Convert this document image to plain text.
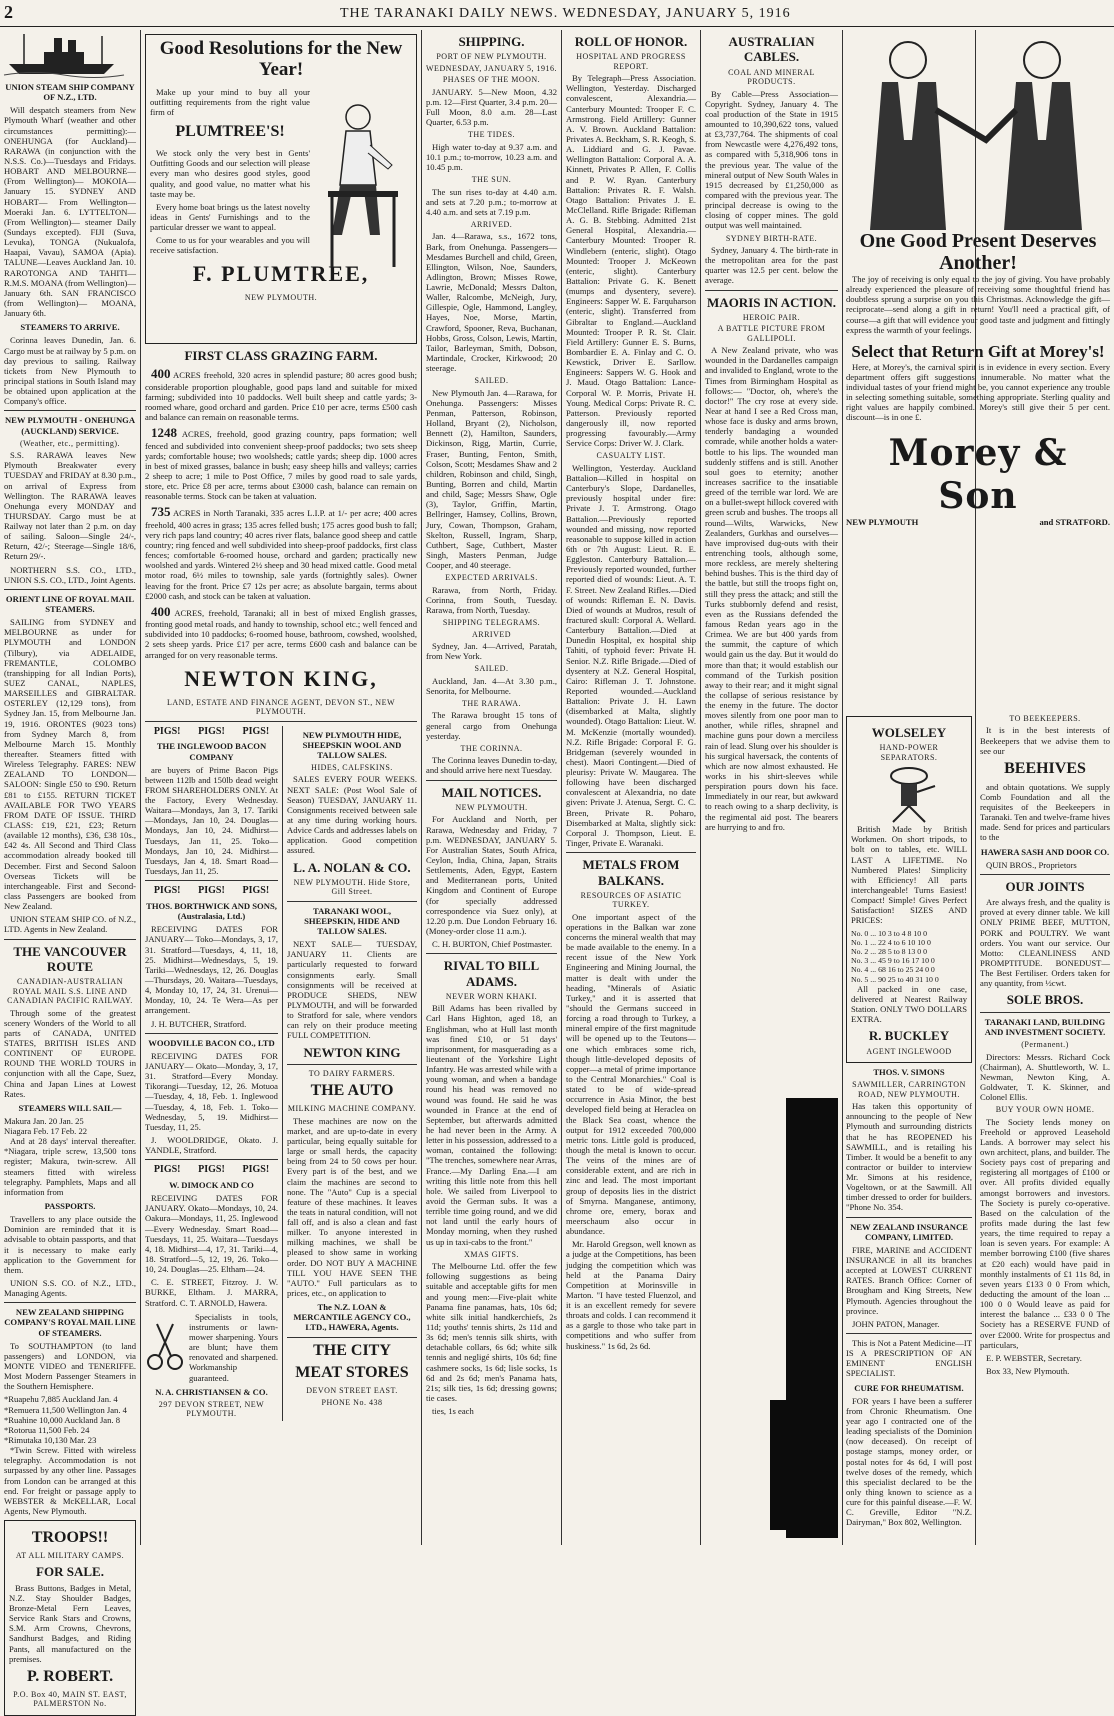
2	THE TARANAKI DAILY NEWS. WEDNESDAY, JANUARY 5, 1916
UNION STEAM SHIP COMPANY OF N.Z., LTD.

Will despatch steamers from New Plymouth Wharf (weather and other circumstances permitting):— ONEHUNGA (for Auckland)— RARAWA (in conjunction with the N.S.S. Co.)—Tuesdays and Fridays. HOBART AND MELBOURNE— (From Wellington)— MOKOIA—January 15. SYDNEY AND HOBART— From Wellington—Moeraki Jan. 6. LYTTELTON— (From Wellington)— steamer Daily (Sundays excepted). FIJI (Suva, Levuka), TONGA (Nukualofa, Haapai, Vavau), SAMOA (Apia). TALUNE—Leaves Auckland Jan. 10. RAROTONGA AND TAHITI— R.M.S. MOANA (from Wellington)— January 6th. SAN FRANCISCO (from Wellington)— MOANA, January 6th.

STEAMERS TO ARRIVE.

Corinna leaves Dunedin, Jan. 6. Cargo must be at railway by 5 p.m. on day previous to sailing. Railway tickets from New Plymouth to principal stations in South Island may be obtained upon application at the Company's office.

NEW PLYMOUTH - ONEHUNGA (AUCKLAND) SERVICE.
(Weather, etc., permitting).

S.S. RARAWA leaves New Plymouth Breakwater every TUESDAY and FRIDAY at 8.30 p.m., on arrival of Express from Wellington. The RARAWA leaves Onehunga every MONDAY and THURSDAY. Cargo must be at Railway not later than 2 p.m. on day of sailing. Saloon—Single 24/-, Return, 42/-; Steerage—Single 18/6, Return 29/-.

NORTHERN S.S. CO., LTD., UNION S.S. CO., LTD., Joint Agents.

ORIENT LINE OF ROYAL MAIL STEAMERS.

SAILING from SYDNEY and MELBOURNE as under for PLYMOUTH and LONDON (Tilbury), via ADELAIDE, FREMANTLE, COLOMBO (transhipping for all Indian Ports), SUEZ CANAL, NAPLES, MARSEILLES and GIBRALTAR. OSTERLEY (12,129 tons), from Sydney Jan. 15, from Melbourne Jan. 19, 1916. ORONTES (9023 tons) from Sydney March 8, from Melbourne March 15. Monthly thereafter. Steamers fitted with Wireless Telegraphy. FARES: NEW ZEALAND TO LONDON—SALOON: Single £50 to £90. Return £81 to £155. RETURN TICKET AVAILABLE FOR TWO YEARS FROM DATE OF ISSUE. THIRD CLASS: £19, £21, £23; Return (available 12 months), £36, £38 10s., £42 4s. All Second and Third Class accommodation already booked till December. First and Second Saloon Overseas Tickets will be interchangeable. First and Second-class Passengers are booked from New Zealand.

UNION STEAM SHIP CO. of N.Z., LTD. Agents in New Zealand.

THE VANCOUVER ROUTE
CANADIAN-AUSTRALIAN ROYAL MAIL S.S. LINE AND CANADIAN PACIFIC RAILWAY.

Through some of the greatest scenery Wonders of the World to all parts of CANADA, UNITED STATES, BRITISH ISLES AND CONTINENT OF EUROPE. ROUND THE WORLD TOURS in conjunction with all the Cape, Suez, China and Japan Lines at Lowest Rates.

STEAMERS WILL SAIL—
Makura Jan. 20 Jan. 25
Niagara Feb. 17 Feb. 22

And at 28 days' interval thereafter. *Niagara, triple screw, 13,500 tons register; Makura, twin-screw. All steamers fitted with wireless telegraphy. Pamphlets, Maps and all information from

PASSPORTS.

Travellers to any place outside the Dominion are reminded that it is advisable to obtain passports, and that it is necessary to make early application to the Government for them.

UNION S.S. CO. of N.Z., LTD., Managing Agents.

NEW ZEALAND SHIPPING COMPANY'S ROYAL MAIL LINE OF STEAMERS.

To SOUTHAMPTON (to land passengers) and LONDON, via MONTE VIDEO and TENERIFFE. Most Modern Passenger Steamers in the Southern Hemisphere.

*Ruapehu 7,885 Auckland Jan. 4
*Remuera 11,500 Wellington Jan. 4
*Ruahine 10,000 Auckland Jan. 8
*Rotorua 11,500 Feb. 24
*Rimutaka 10,130 Mar. 23

*Twin Screw. Fitted with wireless telegraphy. Accommodation is not surpassed by any other line. Passages from London can be arranged at this end. For freight or passage apply to WEBSTER & McKELLAR, Local Agents, New Plymouth.

TROOPS!!
AT ALL MILITARY CAMPS.
FOR SALE.

Brass Buttons, Badges in Metal, N.Z. Stay Shoulder Badges, Bronze-Metal Fern Leaves, Service Rank Stars and Crowns, S.M. Arm Crowns, Chevrons, Sandhurst Badges, and Riding Pants, all manufactured on the premises.

P. ROBERT.
P.O. Box 40, MAIN ST. EAST, PALMERSTON No.
Good Resolutions for the New Year!

Make up your mind to buy all your outfitting requirements from the right value firm of

PLUMTREE'S!

We stock only the very best in Gents' Outfitting Goods and our selection will please every man who desires good styles, good quality, and good value, no matter what his taste may be.

Every home boat brings us the latest novelty ideas in Gents' Furnishings and to the particular dresser we want to appeal.

Come to us for your wearables and you will receive satisfaction.

F. PLUMTREE,
NEW PLYMOUTH.
FIRST CLASS GRAZING FARM.

400 ACRES freehold, 320 acres in splendid pasture; 80 acres good bush; considerable proportion ploughable, good paps land and suitable for mixed farming; subdivided into 10 paddocks. Well built sheep and cattle yards; 3-roomed whare, good orchard and garden. Price £10 per acre, terms £500 cash and balance can remain on reasonable terms.

1248 ACRES, freehold, good grazing country, paps formation; well fenced and subdivided into convenient sheep-proof paddocks; two sets sheep yards; comfortable house; two woolsheds; cattle yards; sheep dip. 1000 acres in best of mixed grasses, balance in bush; easy sheep hills and valleys; carries 2 sheep to acre; 1 mile to Post Office, 7 miles by good road to sale yards, store, etc. Price £8 per acre, terms about £3000 cash, balance can remain on reasonable terms. Stock can be taken at valuation.

735 ACRES in North Taranaki, 335 acres L.I.P. at 1/- per acre; 400 acres freehold, 400 acres in grass; 135 acres felled bush; 175 acres good bush to fall; very rich paps land country; 40 acres river flats, balance good sheep and cattle country; ring fenced and well subdivided into sheep-proof paddocks, first class fences; comfortable 6-roomed house, orchard and garden; practically new woolshed and yards. Wintered 2½ sheep and 30 head mixed cattle. Good metal motor road, 6½ miles to township, sale yards (fortnightly sales). Owner leaving for the front. Price £7 12s per acre; as absolute bargain, terms about £2000 cash, and stock can be taken at valuation.

400 ACRES, freehold, Taranaki; all in best of mixed English grasses, fronting good metal roads, and handy to township, school etc.; well fenced and subdivided into 10 paddocks; 6-roomed house, bathroom, cowshed, woolshed, 2 sets sheep yards. Price £17 per acre, terms £600 cash and balance can be arranged for on very reasonable terms.

NEWTON KING,
LAND, ESTATE AND FINANCE AGENT, DEVON ST., NEW PLYMOUTH.
PIGS! PIGS! PIGS!
THE INGLEWOOD BACON COMPANY

are buyers of Prime Bacon Pigs between 112lb and 150lb dead weight FROM SHAREHOLDERS ONLY. At the Factory, Every Wednesday. Waitara—Mondays, Jan 3, 17. Tariki—Mondays, Jan 10, 24. Douglas—Mondays, Jan 10, 24. Midhirst—Tuesdays, Jan 11, 25. Toko—Mondays, Jan 10, 24. Midhirst—Tuesdays, Jan 4, 18. Smart Road—Tuesdays, Jan 11, 25.

PIGS! PIGS! PIGS!
THOS. BORTHWICK AND SONS, (Australasia, Ltd.)

RECEIVING DATES FOR JANUARY— Toko—Mondays, 3, 17, 31. Stratford—Tuesdays, 4, 11, 18, 25. Midhirst—Wednesdays, 5, 19. Tariki—Wednesdays, 12, 26. Douglas—Thursdays, 20. Waitara—Tuesdays, 4, Monday 10, 17, 24, 31. Urenui—Monday, 10, 24. Te Wera—As per arrangement.

J. H. BUTCHER, Stratford.

WOODVILLE BACON CO., LTD

RECEIVING DATES FOR JANUARY— Okato—Monday, 3, 17, 31. Stratford—Every Monday. Tikorangi—Tuesday, 12, 26. Motuoa—Tuesday, 4, 18, Feb. 1. Inglewood—Tuesday, 4, 18, Feb. 1. Toko—Wednesday, 5, 19. Midhirst—Tuesday, 11, 25.

J. WOOLDRIDGE, Okato. J. YANDLE, Stratford.

PIGS! PIGS! PIGS!
W. DIMOCK AND CO

RECEIVING DATES FOR JANUARY. Okato—Mondays, 10, 24. Oakura—Mondays, 11, 25. Inglewood—Every Wednesday. Smart Road—Tuesdays, 11, 25. Waitara—Tuesdays 4, 18. Midhirst—4, 17, 31. Tariki—4, 18. Stratford—5, 12, 19, 26. Toko—10, 24. Douglas—25. Eltham—24.

C. E. STREET, Fitzroy. J. W. BURKE, Eltham. J. MARRA, Stratford. C. T. ARNOLD, Hawera.

Specialists in tools, instruments or lawn-mower sharpening. Yours are blunt; have them renovated and sharpened. Workmanship guaranteed.

N. A. CHRISTIANSEN & CO.
297 DEVON STREET, NEW PLYMOUTH.
NEW PLYMOUTH HIDE, SHEEPSKIN WOOL AND TALLOW SALES.
HIDES, CALFSKINS.

SALES EVERY FOUR WEEKS. NEXT SALE: (Post Wool Sale of Season) TUESDAY, JANUARY 11. Consignments received between sale at any time during working hours. Advice Cards and addresses labels on application. Good competition assured.

L. A. NOLAN & CO.
NEW PLYMOUTH. Hide Store, Gill Street.
TARANAKI WOOL, SHEEPSKIN, HIDE AND TALLOW SALES.

NEXT SALE— TUESDAY, JANUARY 11. Clients are particularly requested to forward consignments early. Small consignments will be received at PRODUCE SHEDS, NEW PLYMOUTH, and will be forwarded to Stratford for sale, where vendors can rely on their produce meeting FULL COMPETITION.

NEWTON KING
TO DAIRY FARMERS.
THE AUTO
MILKING MACHINE COMPANY.

These machines are now on the market, and are up-to-date in every particular, being equally suitable for large or small herds, the capacity being from 24 to 50 cows per hour. Every part is of the best, and we claim the machines are second to none. The "Auto" Cup is a special feature of these machines. It leaves the teats in natural condition, will not fall off, and is also a clean and fast milker. To anyone interested in milking machines, we shall be pleased to show same in working order. DO NOT BUY A MACHINE TILL YOU HAVE SEEN THE "AUTO." Full particulars as to prices, etc., on application to

The N.Z. LOAN & MERCANTILE AGENCY CO., LTD., HAWERA, Agents.
THE CITY
MEAT STORES
DEVON STREET EAST.
PHONE No. 438
SHIPPING.
PORT OF NEW PLYMOUTH.
WEDNESDAY, JANUARY 5, 1916.
PHASES OF THE MOON.

JANUARY. 5—New Moon, 4.32 p.m. 12—First Quarter, 3.4 p.m. 20—Full Moon, 8.0 a.m. 28—Last Quarter, 6.53 p.m.

THE TIDES.

High water to-day at 9.37 a.m. and 10.1 p.m.; to-morrow, 10.23 a.m. and 10.45 p.m.

THE SUN.

The sun rises to-day at 4.40 a.m. and sets at 7.20 p.m.; to-morrow at 4.40 a.m. and sets at 7.19 p.m.

ARRIVED.

Jan. 4—Rarawa, s.s., 1672 tons, Bark, from Onehunga. Passengers—Mesdames Burchell and child, Green, Ellington, Wilson, Noe, Saunders, Adlington, Brown; Misses Rowe, Lawrie, McDonald; Messrs Dalton, Waller, Ralcombe, McNeigh, Jury, Gillespie, Ogle, Hammond, Langley, Hayes, Noe, Morse, Martin, Crawford, Spooner, Reva, Buchanan, Hobbs, Gross, Colson, Lewis, Martin, Tailor, Barleyman, Smith, Dobson, Martindale, Crocker, Kirkwood; 20 steerage.

SAILED.

New Plymouth Jan. 4—Rarawa, for Onehunga. Passengers: Misses Penman, Patterson, Robinson, Holland, Bryant (2), Nicholson, Bennett (2), Hamilton, Saunders, Dickinson, Rigg, Martin, Currie, Fraser, Bunting, Fenton, Smith, Colson, Scott; Mesdames Shaw and 2 children, Robinson and child, Singh, Bunting, Borren and child, Martin and child, Sage; Messrs Shaw, Ogle (3), Taylor, Griffin, Martin, Bellringer, Hamsey, Collins, Brown, Jury, Cowan, Thompson, Graham, Skelton, Russell, Ingram, Sharp, Cuthbert, Sage, Cuthbert, Master Singh, Masters Penman, Judge Cooper, and 40 steerage.

EXPECTED ARRIVALS.

Rarawa, from North, Friday. Corinna, from South, Tuesday. Rarawa, from North, Tuesday.

SHIPPING TELEGRAMS.
ARRIVED

Sydney, Jan. 4—Arrived, Paratah, from New York.

SAILED.

Auckland, Jan. 4—At 3.30 p.m., Senorita, for Melbourne.

THE RARAWA.

The Rarawa brought 15 tons of general cargo from Onehunga yesterday.

THE CORINNA.

The Corinna leaves Dunedin to-day, and should arrive here next Tuesday.

MAIL NOTICES.
NEW PLYMOUTH.

For Auckland and North, per Rarawa, Wednesday and Friday, 7 p.m. WEDNESDAY, JANUARY 5. For Australian States, South Africa, Ceylon, India, China, Japan, Straits Settlements, Aden, Egypt, Eastern and Mediterranean ports, United Kingdom and Continent of Europe (for specially addressed correspondence via Suez only), at 12.20 p.m. Due London February 16. (Money-order close 11 a.m.).

C. H. BURTON, Chief Postmaster.

RIVAL TO BILL ADAMS.
NEVER WORN KHAKI.

Bill Adams has been rivalled by Carl Hans Highton, aged 18, an Englishman, who at Hull last month was fined £10, or 51 days' imprisonment, for masquerading as a lieutenant of the Yorkshire Light Infantry. He was arrested while with a young woman, and when a bandage round his head was removed no wound was found. He said he was wounded in France at the end of September, but afterwards admitted he had never been in the Army. A letter in his possession, addressed to a woman, contained the following: "The trenches, somewhere near Arras, France.—My Darling Ena.—I am writing this little note from this hell hole. We sailed from Liverpool to avoid the German subs. It was a terrible time going round, and we did not land until the early hours of Monday morning, when they rushed us up in taxi-cabs to the front."

XMAS GIFTS.

The Melbourne Ltd. offer the few following suggestions as being suitable and acceptable gifts for men and young men:—Five-plait white Panama fine panamas, hats, 10s 6d; white silk initial handkerchiefs, 2s 11d; youths' tennis shirts, 2s 11d and 3s 6d; men's tennis silk shirts, with detachable collars, 6s 6d; white silk tennis and negligé shirts, 10s 6d; fine cashmere socks, 1s 6d; lisle socks, 1s 6d and 2s 6d; men's Panama hats, 21s; silk ties, 1s 6d; dressing gowns; tie cases.

ties, 1s each

ROLL OF HONOR.
HOSPITAL AND PROGRESS REPORT.

By Telegraph—Press Association. Wellington, Yesterday. Discharged convalescent, Alexandria.—Canterbury Mounted: Trooper F. C. Armstrong. Field Artillery: Gunner A. V. Brown. Auckland Battalion: Privates A. Beckham, S. R. Keogh, S. A. Liddiard and G. J. Pavae. Wellington Battalion: Corporal A. A. Kinnett, Privates P. Allen, F. Collis and P. W. Ryan. Canterbury Battalion: Privates R. F. Walsh. Otago Battalion: Privates J. E. McClelland. Rifle Brigade: Rifleman A. G. B. Stebbing. Admitted 21st General Hospital, Alexandria.—Canterbury Mounted: Trooper R. Windlebern (enteric, slight). Otago Mounted: Trooper J. McKeown (enteric, slight). Canterbury Battalion: Private G. K. Benett (mumps and dysentery, severe). Engineers: Sapper W. E. Farquharson (enteric, slight). Transferred from Gibraltar to England.—Auckland Mounted: Trooper P. R. St. Clair. Field Artillery: Gunner E. S. Burns, Bombardier E. A. Finlay and C. O. Kewstick, Driver E. Sarllow. Engineers: Sappers W. G. Hook and J. Maud. Otago Battalion: Lance-Corporal W. P. Morris, Private H. Young. Medical Corps: Private R. C. Patterson. Previously reported dangerously ill, now reported progressing favourably.—Army Service Corps: Driver W. J. Clark.

CASUALTY LIST.

Wellington, Yesterday. Auckland Battalion—Killed in hospital on Canterbury's Slope, Dardanelles, previously hospital under fire: Private J. T. Armstrong. Otago Battalion.—Previously reported wounded and missing, now reported reasonable to suppose killed in action 6th or 7th August: Lieut. R. E. Eggleston. Canterbury Battalion.—Previously reported wounded, further reported died of wounds: Lieut. A. T. F. Street. New Zealand Rifles.—Died of wounds: Rifleman E. N. Davis. Died of wounds at Mudros, result of fractured skull: Corporal A. Wellard. Canterbury Battalion.—Died at Dunedin Hospital, ex hospital ship Tahiti, of typhoid fever: Private H. Senior. N.Z. Rifle Brigade.—Died of dysentery at N.Z. General Hospital, Cairo: Rifleman J. T. Johnstone. Reported wounded.—Auckland Battalion: Private J. H. Lawn (disembarked at Malta, slightly wounded). Otago Battalion: Lieut. W. M. McKenzie (mortally wounded). N.Z. Rifle Brigade: Corporal F. G. Bridgeman (severely wounded in chest). Maori Contingent.—Died of pleurisy: Private W. Maugarea. The following have been discharged convalescent at Alexandria, no date given: Private J. Atenua, Sergt. C. C. Breen, Private R. Poharo, Disembarked at Malta, slightly sick: Corporal J. Thompson, Lieut. E. Tinger, Private E. Waranaki.

METALS FROM BALKANS.
RESOURCES OF ASIATIC TURKEY.

One important aspect of the operations in the Balkan war zone concerns the mineral wealth that may be made available to the enemy. In a recent issue of the New York Engineering and Mining Journal, the matter is dealt with under the heading, "Minerals of Asiatic Turkey," and it is asserted that "should the Germans succeed in forcing a road through to Turkey, a mineral empire of the first magnitude will be opened up to the Teutons—one which embraces some rich, though little-developed deposits of copper—a metal of prime importance to the Central Monarchies." Coal is stated to be of wide-spread occurrence in Asia Minor, the best developed field being at Heraclea on the Black Sea coast, whence the output for 1912 exceeded 700,000 metric tons. Little gold is produced, though the metal is known to occur. The veins of the mines are of considerable extent, and are rich in zinc and lead. The most important group of deposits lies in the district of Smyrna. Manganese, antimony, chrome ore, emery, borax and meerschaum also occur in abundance.

Mr. Harold Gregson, well known as a judge at the Competitions, has been judging the competition which was held at the Panama Dairy Competition at Morinsville in Marton. "I have tested Fluenzol, and it is an excellent remedy for severe throats and colds. I can recommend it as a gargle to those who take part in competitions and who suffer from huskiness." 1s 6d, 2s 6d.

AUSTRALIAN CABLES.
COAL AND MINERAL PRODUCTS.

By Cable—Press Association—Copyright. Sydney, January 4. The coal production of the State in 1915 amounted to 10,390,622 tons, valued at £3,737,764. The shipments of coal from Newcastle were 4,276,492 tons, as compared with 5,318,906 tons in the previous year. The value of the mineral output of New South Wales in 1915 decreased by £1,250,000 as compared with the previous year. The principal decrease is owing to the closing of copper mines. The gold output was well maintained.

SYDNEY BIRTH-RATE.

Sydney, January 4. The birth-rate in the metropolitan area for the past quarter was 12.5 per cent. below the average.

MAORIS IN ACTION.
HEROIC PAIR.
A BATTLE PICTURE FROM GALLIPOLI.

A New Zealand private, who was wounded in the Dardanelles campaign and invalided to England, wrote to the Times from Birmingham Hospital as follows:— "Doctor, oh, where's the doctor!" The cry rose at every side. Near at hand I see a Red Cross man, whose face is dusky and arms brown, tenderly bandaging a wounded comrade, while another holds a water-bottle to his lips. The wounded man suddenly stiffens and is still. Another soul goes to eternity; another increases sacrifice to the insatiable greed of the terrible war lord. We are on a bullet-swept hillock covered with green scrub and bushes. The troops all round—Wilts, Warwicks, New Zealanders, Gurkhas and ourselves—have improvised dug-outs with their entrenching tools, although some, more reckless, are merely sheltering behind bushes. This is the third day of the battle, but still the troops fight on, still they press the attack; and still the Turks stubbornly defend and resist, even as the Russians defended the famous Redan years ago in the Crimea. We are but 400 yards from the summit, the capture of which would gain us the day. But it would do more than that; it would establish our command of the Turkish position away to their rear; and it might signal the collapse of serious resistance by the enemy in the future. The doctor moves silently from one poor man to another, while rifles, shrapnel and machine guns pour down a merciless rain of lead. Slung over his shoulder is his surgical haversack, the contents of which are now almost exhausted. He works in his shirt-sleeves while perspiration pours down his face. Immediately in our rear, but awkward to reach owing to a sharp declivity, is the regimental aid post. The bearers are hurrying to and fro.

One Good Present Deserves Another!

The joy of receiving is only equal to the joy of giving. You have probably already experienced the pleasure of receiving some thoughtful friend has doubtless sprung a surprise on you this Christmas. Acknowledge the gift—reciprocate—send along a gift in return! You'll need a practical gift, of course—a gift that will evidence your good taste and judgment and fittingly express the warmth of your feelings.

Select that Return Gift at Morey's!

Here, at Morey's, the carnival spirit is in evidence in every section. Every department offers gift suggestions innumerable. No matter what the individual tastes of your friend might be, you cannot experience any trouble in selecting something suitable, something appropriate. Sterling quality and right values are happily combined. Morey's still give their 5 per cent. discount—is in one £.

Morey & Son
NEW PLYMOUTH	and STRATFORD.
WOLSELEY
HAND-POWER SEPARATORS.

British Made by British Workmen. On short tripods, to bolt on to tables, etc. WILL LAST A LIFETIME. No Numbered Plates! Simplicity with Efficiency! All parts interchangeable! Turns Easiest! Compact! Simple! Gives Perfect Satisfaction! SIZES AND PRICES:

No. 0 ... 10 3 to 4 8 10 0
No. 1 ... 22 4 to 6 10 10 0
No. 2 ... 28 5 to 8 13 0 0
No. 3 ... 45 9 to 16 17 10 0
No. 4 ... 68 16 to 25 24 0 0
No. 5 ... 90 25 to 40 31 10 0

All packed in one case, delivered at Nearest Railway Station. ONLY TWO DOLLARS EXTRA.

R. BUCKLEY
AGENT INGLEWOOD
THOS. V. SIMONS
SAWMILLER, CARRINGTON ROAD, NEW PLYMOUTH.

Has taken this opportunity of announcing to the people of New Plymouth and surrounding districts that he has REOPENED his SAWMILL, and is retailing his Timber. It would be a benefit to any contractor or builder to interview Mr. Simons at his residence, Vogeltown, or at the Sawmill. All timber dressed to order for builders. "Phone No. 354.

NEW ZEALAND INSURANCE COMPANY, LIMITED.

FIRE, MARINE and ACCIDENT INSURANCE in all its branches accepted at LOWEST CURRENT RATES. Branch Office: Corner of Brougham and King Streets, New Plymouth. Agencies throughout the province.

JOHN PATON, Manager.

This is Not a Patent Medicine—IT IS A PRESCRIPTION OF AN EMINENT ENGLISH SPECIALIST.

CURE FOR RHEUMATISM.

FOR years I have been a sufferer from Chronic Rheumatism. One year ago I contracted one of the leading specialists of the Dominion (now deceased). On receipt of postage stamps, money order, or postal notes for 4s 6d, I will post twelve doses of the remedy, which this specialist declared to be the only thing known to science as a cure for this painful disease.—F. W. C. Greville, Editor "N.Z. Dairyman," Box 802, Wellington.

TO BEEKEEPERS.

It is in the best interests of Beekeepers that we advise them to see our

BEEHIVES

and obtain quotations. We supply Comb Foundation and all the requisites of the Beekeepers in Taranaki. Ten and twelve-frame hives made. Send for prices and particulars to the

HAWERA SASH AND DOOR CO.

QUIN BROS., Proprietors

OUR JOINTS

Are always fresh, and the quality is proved at every dinner table. We kill ONLY PRIME BEEF, MUTTON, PORK and POULTRY. We want orders. You want our service. Our Motto: CLEANLINESS AND PROMPTITUDE. BONEDUST— The Best Fertiliser. Orders taken for any quantity, from ½cwt.

SOLE BROS.
TARANAKI LAND, BUILDING AND INVESTMENT SOCIETY.
(Permanent.)

Directors: Messrs. Richard Cock (Chairman), A. Shuttleworth, W. L. Newman, Newton King, A. Goldwater, T. K. Skinner, and Colonel Ellis.

BUY YOUR OWN HOME.

The Society lends money on Freehold or approved Leasehold Lands. A borrower may select his own architect, plans, and builder. The Society pays cost of preparing and registering all mortgages of £100 or over. All profits divided equally amongst borrowers and investors. The Society is purely co-operative. Based on the calculation of the profits made during the last few years, the time required to repay a loan is seven years. For example: A member borrowing £100 (five shares at £20 each) would have paid in monthly instalments of £1 11s 8d, in seven years £133 0 0 From which, deducting the amount of the loan ... 100 0 0 Would leave as paid for interest the balance ... £33 0 0 The Society has a RESERVE FUND of over £2000. Write for prospectus and particulars,

E. P. WEBSTER, Secretary.

Box 33, New Plymouth.
